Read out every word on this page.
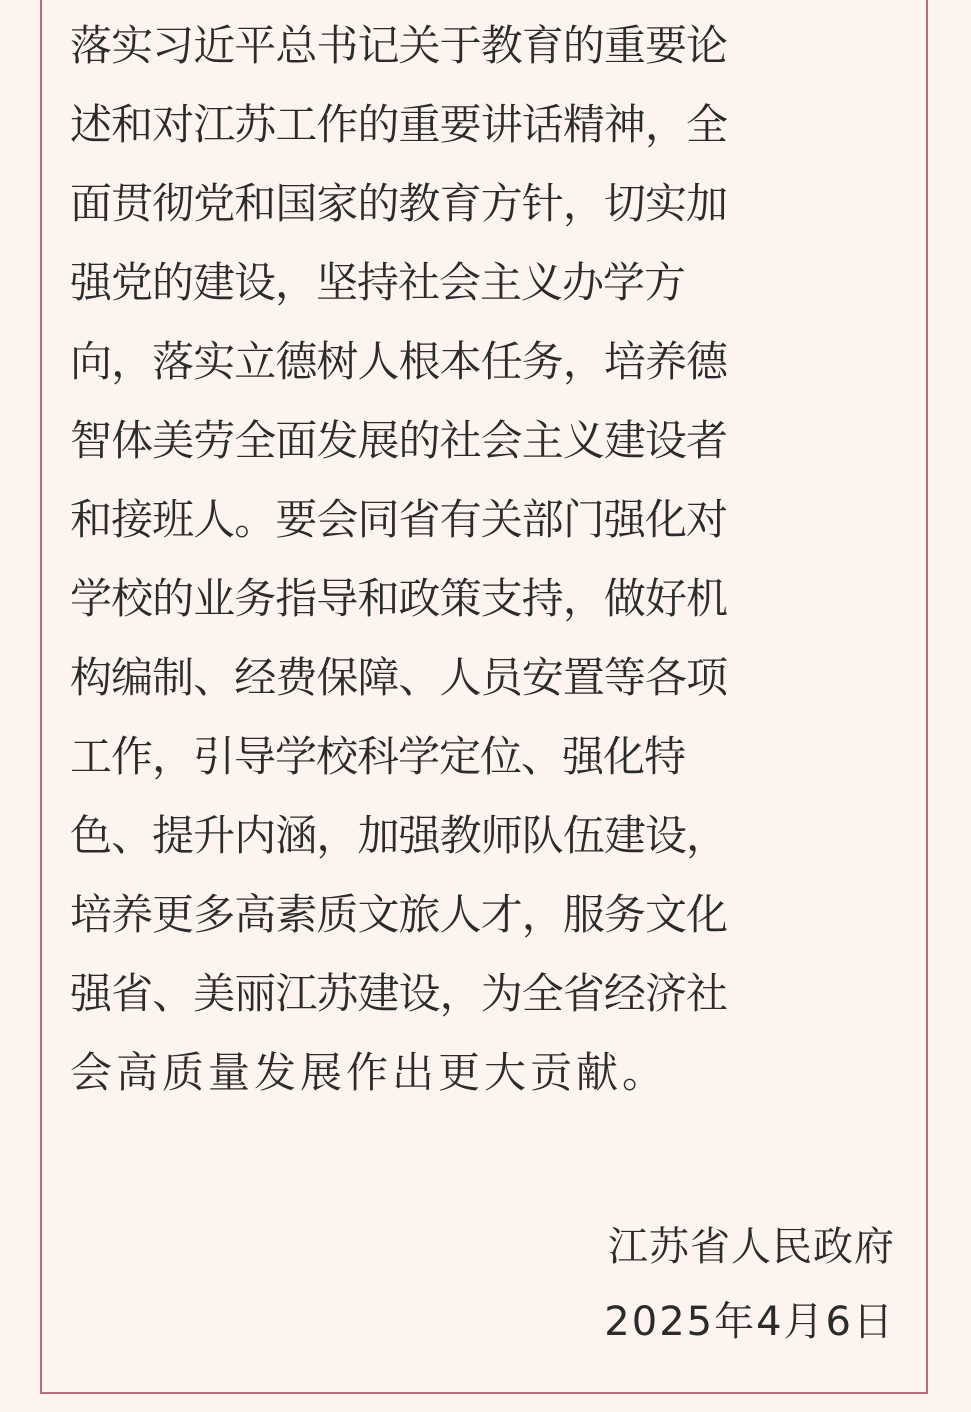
落实习近平总书记关于教育的重要论
述和对江苏工作的重要讲话精神，全
面贯彻党和国家的教育方针，切实加
强党的建设，坚持社会主义办学方
向，落实立德树人根本任务，培养德
智体美劳全面发展的社会主义建设者
和接班人。要会同省有关部门强化对
学校的业务指导和政策支持，做好机
构编制、经费保障、人员安置等各项
工作，引导学校科学定位、强化特
色、提升内涵，加强教师队伍建设，
培养更多高素质文旅人才，服务文化
强省、美丽江苏建设，为全省经济社
会高质量发展作出更大贡献。
江苏省人民政府
2025年4月6日
